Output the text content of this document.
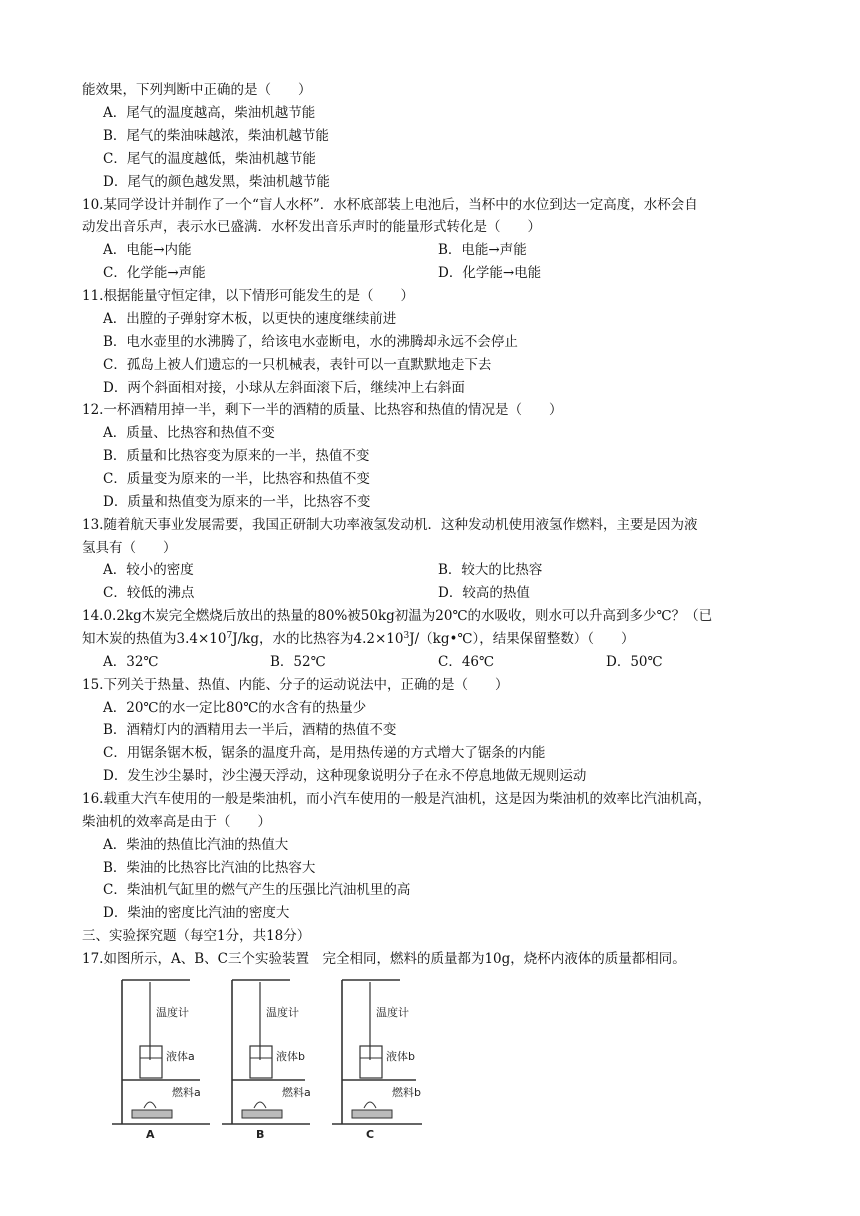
能效果，下列判断中正确的是（　　）
A．尾气的温度越高，柴油机越节能
B．尾气的柴油味越浓，柴油机越节能
C．尾气的温度越低，柴油机越节能
D．尾气的颜色越发黑，柴油机越节能
10.某同学设计并制作了一个“盲人水杯”．水杯底部装上电池后，当杯中的水位到达一定高度，水杯会自
动发出音乐声，表示水已盛满．水杯发出音乐声时的能量形式转化是（　　）
A．电能→内能	B．电能→声能
C．化学能→声能	D．化学能→电能
11.根据能量守恒定律，以下情形可能发生的是（　　）
A．出膛的子弹射穿木板，以更快的速度继续前进
B．电水壶里的水沸腾了，给该电水壶断电，水的沸腾却永远不会停止
C．孤岛上被人们遗忘的一只机械表，表针可以一直默默地走下去
D．两个斜面相对接，小球从左斜面滚下后，继续冲上右斜面
12.一杯酒精用掉一半，剩下一半的酒精的质量、比热容和热值的情况是（　　）
A．质量、比热容和热值不变
B．质量和比热容变为原来的一半，热值不变
C．质量变为原来的一半，比热容和热值不变
D．质量和热值变为原来的一半，比热容不变
13.随着航天事业发展需要，我国正研制大功率液氢发动机．这种发动机使用液氢作燃料，主要是因为液
氢具有（　　）
A．较小的密度	B．较大的比热容
C．较低的沸点	D．较高的热值
14.0.2kg木炭完全燃烧后放出的热量的80%被50kg初温为20℃的水吸收，则水可以升高到多少℃？（已
知木炭的热值为$3.4\times 10^7J/kg$，水的比热容为$4.2\times 10^3J/(kg•℃)$，结果保留整数）（　　）
A．32℃	B．52℃	C．46℃	D．50℃
15.下列关于热量、热值、内能、分子的运动说法中，正确的是（　　）
A．20℃的水一定比80℃的水含有的热量少
B．酒精灯内的酒精用去一半后，酒精的热值不变
C．用锯条锯木板，锯条的温度升高，是用热传递的方式增大了锯条的内能
D．发生沙尘暴时，沙尘漫天浮动，这种现象说明分子在永不停息地做无规则运动
16.载重大汽车使用的一般是柴油机，而小汽车使用的一般是汽油机，这是因为柴油机的效率比汽油机高，
柴油机的效率高是由于（　　）
A．柴油的热值比汽油的热值大
B．柴油的比热容比汽油的比热容大
C．柴油机气缸里的燃气产生的压强比汽油机里的高
D．柴油的密度比汽油的密度大
三、实验探究题（每空1分，共18分）
17.如图所示，A、B、C三个实验装置　完全相同，燃料的质量都为10g，烧杯内液体的质量都相同。
温度计
液体a
燃料a
A
温度计
液体b
燃料a
B
温度计
液体b
燃料b
C
